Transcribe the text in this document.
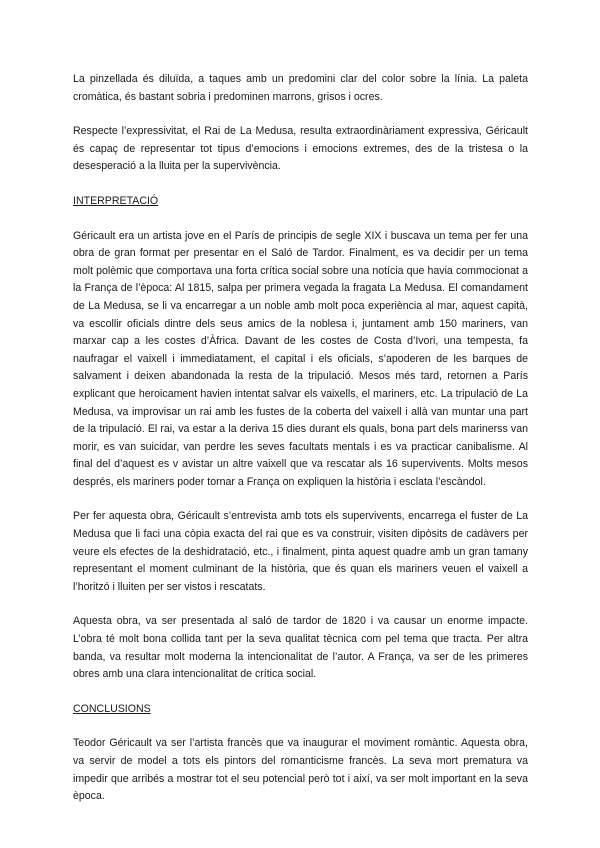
La pinzellada és diluïda, a taques amb un predomini clar del color sobre la línia. La paleta cromàtica, és bastant sobria i predominen marrons, grisos i ocres.

Respecte l’expressivitat, el Rai de La Medusa, resulta extraordinàriament expressiva, Géricault és capaç de representar tot tipus d’emocions i emocions extremes, des de la tristesa o la desesperació a la lluita per la supervivència.

INTERPRETACIÓ

Géricault era un artista jove en el París de principis de segle XIX i buscava un tema per fer una obra de gran format per presentar en el Saló de Tardor. Finalment, es va decidir per un tema molt polèmic que comportava una forta crítica social sobre una notícia que havia commocionat a la França de l’època: Al 1815, salpa per primera vegada la fragata La Medusa. El comandament de La Medusa, se li va encarregar a un noble amb molt poca experiència al mar, aquest capità, va escollir oficials dintre dels seus amics de la noblesa i, juntament amb 150 mariners, van marxar cap a les costes d’Àfrica. Davant de les costes de Costa d’Ivori, una tempesta, fa naufragar el vaixell i immediatament, el capital i els oficials, s’apoderen de les barques de salvament i deixen abandonada la resta de la tripulació. Mesos més tard, retornen a París explicant que heroicament havien intentat salvar els vaixells, el mariners, etc. La tripulació de La Medusa, va improvisar un rai amb les fustes de la coberta del vaixell i allà van muntar una part de la tripulació. El rai, va estar a la deriva 15 dies durant els quals, bona part dels marinerss van morir, es van suicidar, van perdre les seves facultats mentals i es va practicar canibalisme. Al final del d’aquest es v avistar un altre vaixell que va rescatar als 16 supervivents. Molts mesos després, els mariners poder tornar a França on expliquen la història i esclata l’escàndol.

Per fer aquesta obra, Géricault s’entrevista amb tots els supervivents, encarrega el fuster de La Medusa que li faci una còpia exacta del rai que es va construir, visiten dipòsits de cadàvers per veure els efectes de la deshidratació, etc., i finalment, pinta aquest quadre amb un gran tamany representant el moment culminant de la història, que és quan els mariners veuen el vaixell a l’horitzó i lluiten per ser vistos i rescatats.

Aquesta obra, va ser presentada al saló de tardor de 1820 i va causar un enorme impacte. L’obra té molt bona collida tant per la seva qualitat tècnica com pel tema que tracta. Per altra banda, va resultar molt moderna la intencionalitat de l’autor. A França, va ser de les primeres obres amb una clara intencionalitat de crítica social.

CONCLUSIONS

Teodor Géricault va ser l’artista francès que va inaugurar el moviment romàntic. Aquesta obra, va servir de model a tots els pintors del romanticisme francès. La seva mort prematura va impedir que arribés a mostrar tot el seu potencial però tot i així, va ser molt important en la seva època.
